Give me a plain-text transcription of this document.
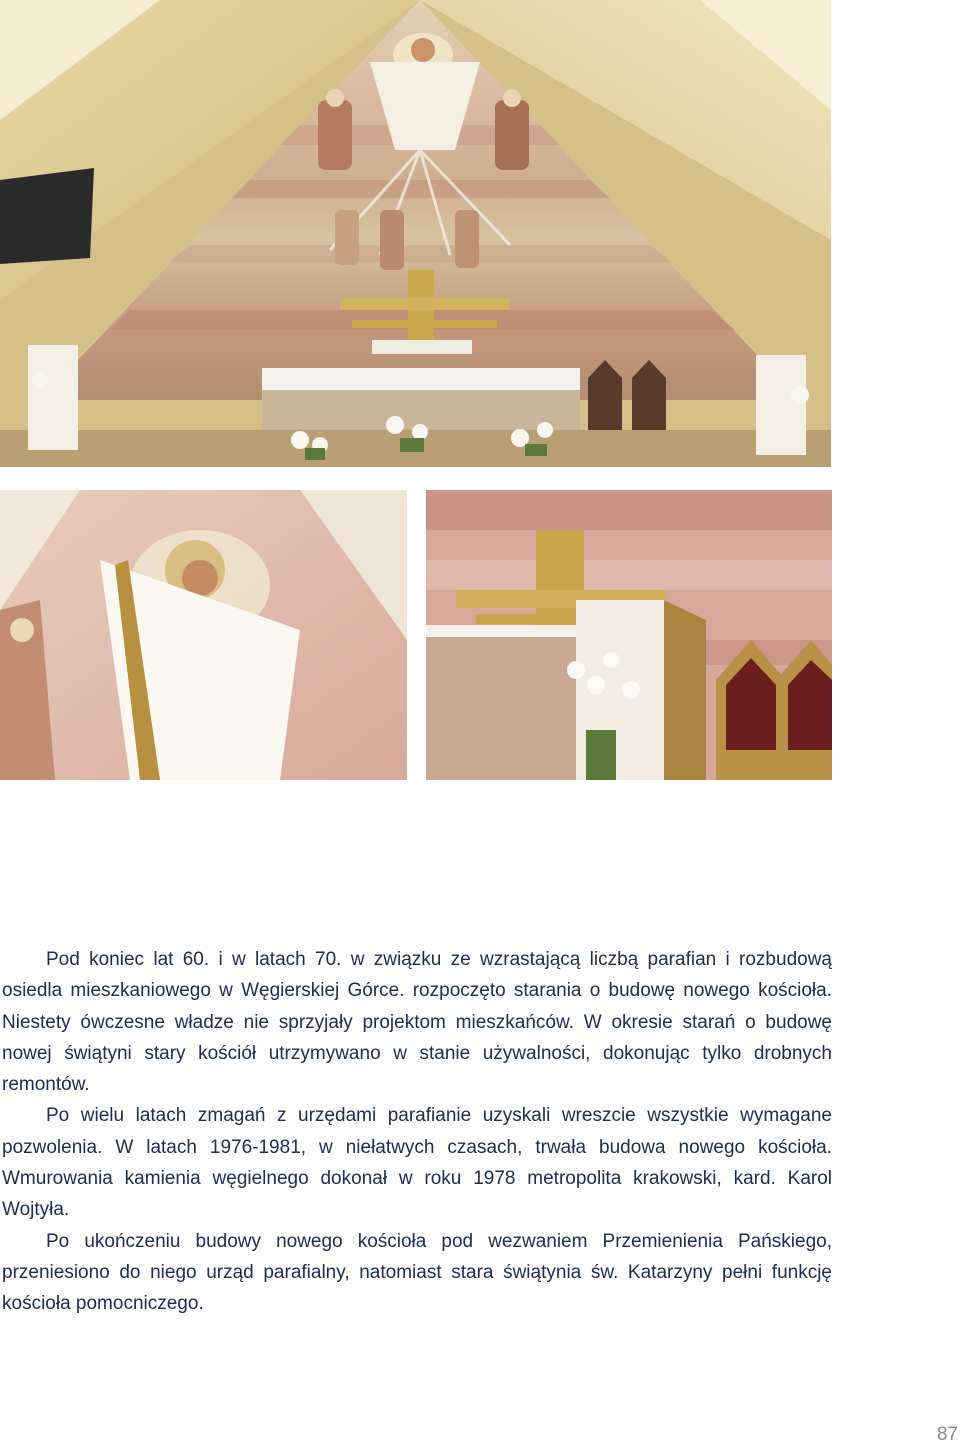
Pod koniec lat 60. i w latach 70. w związku ze wzrastającą liczbą parafian i rozbudową osiedla mieszkaniowego w Węgierskiej Górce. rozpoczęto starania o budowę nowego kościoła. Niestety ówczesne władze nie sprzyjały projektom mieszkańców. W okresie starań o budowę nowej świątyni stary kościół utrzymywano w stanie używalności, dokonując tylko drobnych remontów.

Po wielu latach zmagań z urzędami parafianie uzyskali wreszcie wszystkie wymagane pozwolenia. W latach 1976-1981, w niełatwych czasach, trwała budowa nowego kościoła. Wmurowania kamienia węgielnego dokonał w roku 1978 metropolita krakowski, kard. Karol Wojtyła.

Po ukończeniu budowy nowego kościoła pod wezwaniem Przemienienia Pańskiego, przeniesiono do niego urząd parafialny, natomiast stara świątynia św. Katarzyny pełni funkcję kościoła pomocniczego.

87
